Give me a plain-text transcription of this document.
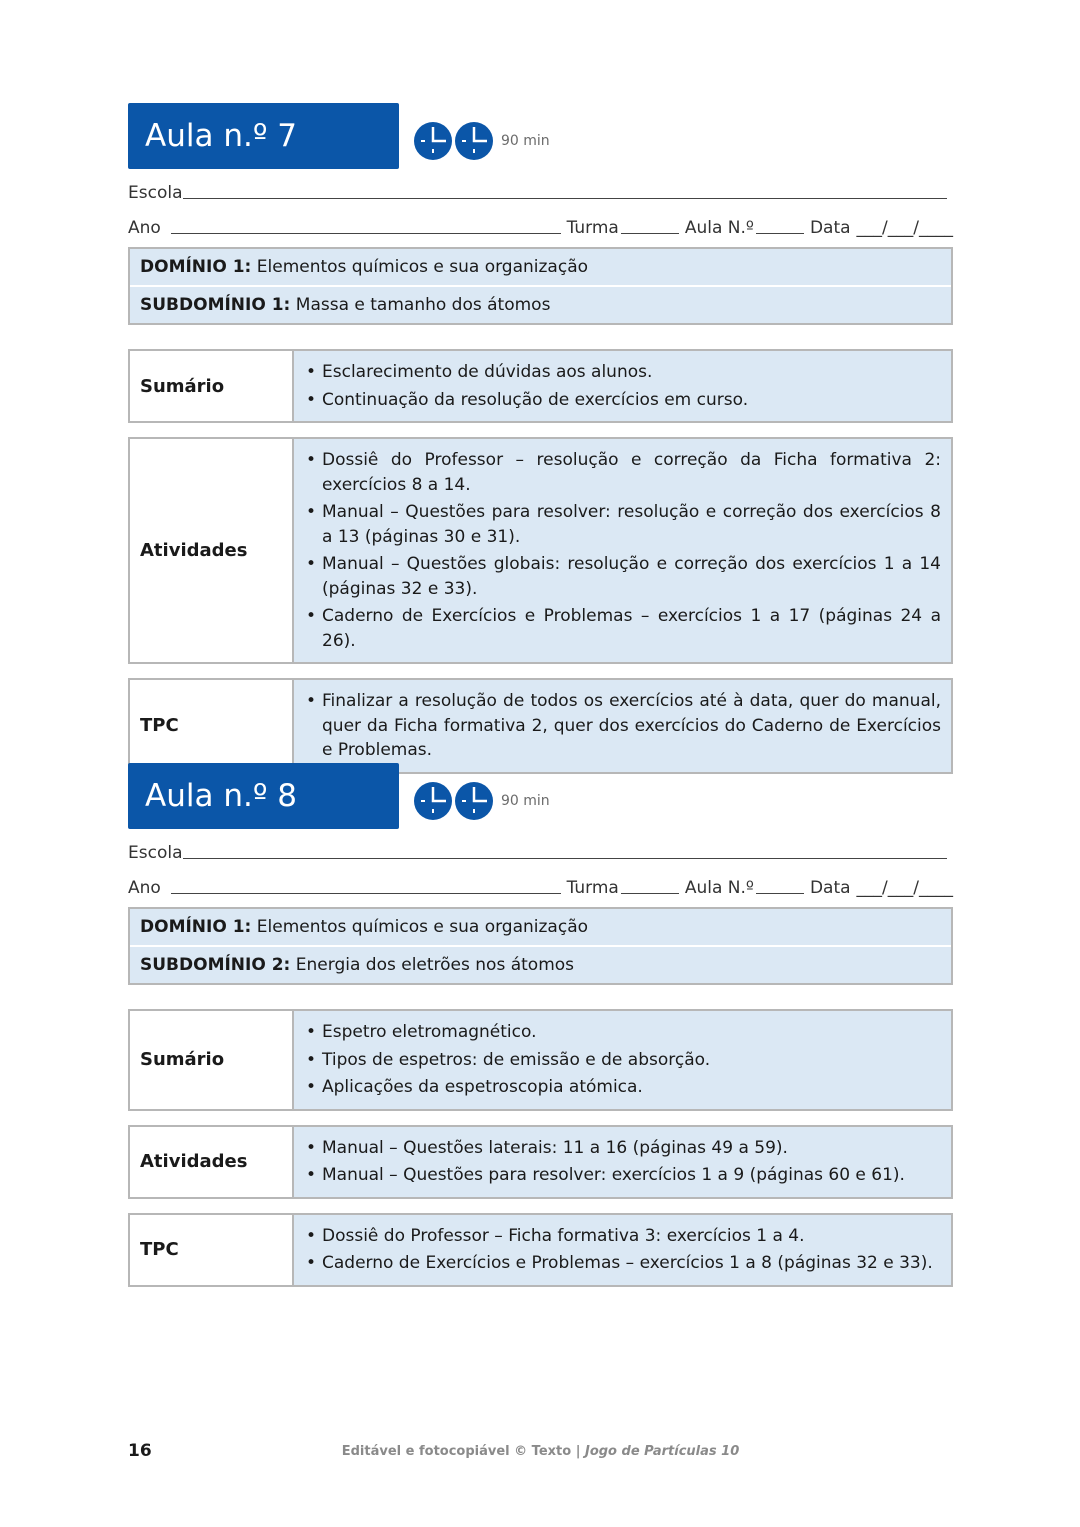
Aula n.º 7	90 min
Escola
Ano	Turma	Aula N.º	Data ___/___/____
DOMÍNIO 1: Elementos químicos e sua organização
SUBDOMÍNIO 1: Massa e tamanho dos átomos
Sumário
• Esclarecimento de dúvidas aos alunos.
• Continuação da resolução de exercícios em curso.
Atividades
• Dossiê do Professor – resolução e correção da Ficha formativa 2: exercícios 8 a 14.
• Manual – Questões para resolver: resolução e correção dos exercícios 8 a 13 (páginas 30 e 31).
• Manual – Questões globais: resolução e correção dos exercícios 1 a 14 (páginas 32 e 33).
• Caderno de Exercícios e Problemas – exercícios 1 a 17 (páginas 24 a 26).
TPC
• Finalizar a resolução de todos os exercícios até à data, quer do manual, quer da Ficha formativa 2, quer dos exercícios do Caderno de Exercícios e Problemas.
Aula n.º 8	90 min
Escola
Ano	Turma	Aula N.º	Data ___/___/____
DOMÍNIO 1: Elementos químicos e sua organização
SUBDOMÍNIO 2: Energia dos eletrões nos átomos
Sumário
• Espetro eletromagnético.
• Tipos de espetros: de emissão e de absorção.
• Aplicações da espetroscopia atómica.
Atividades
• Manual – Questões laterais: 11 a 16 (páginas 49 a 59).
• Manual – Questões para resolver: exercícios 1 a 9 (páginas 60 e 61).
TPC
• Dossiê do Professor – Ficha formativa 3: exercícios 1 a 4.
• Caderno de Exercícios e Problemas – exercícios 1 a 8 (páginas 32 e 33).
16	Editável e fotocopiável © Texto | Jogo de Partículas 10
